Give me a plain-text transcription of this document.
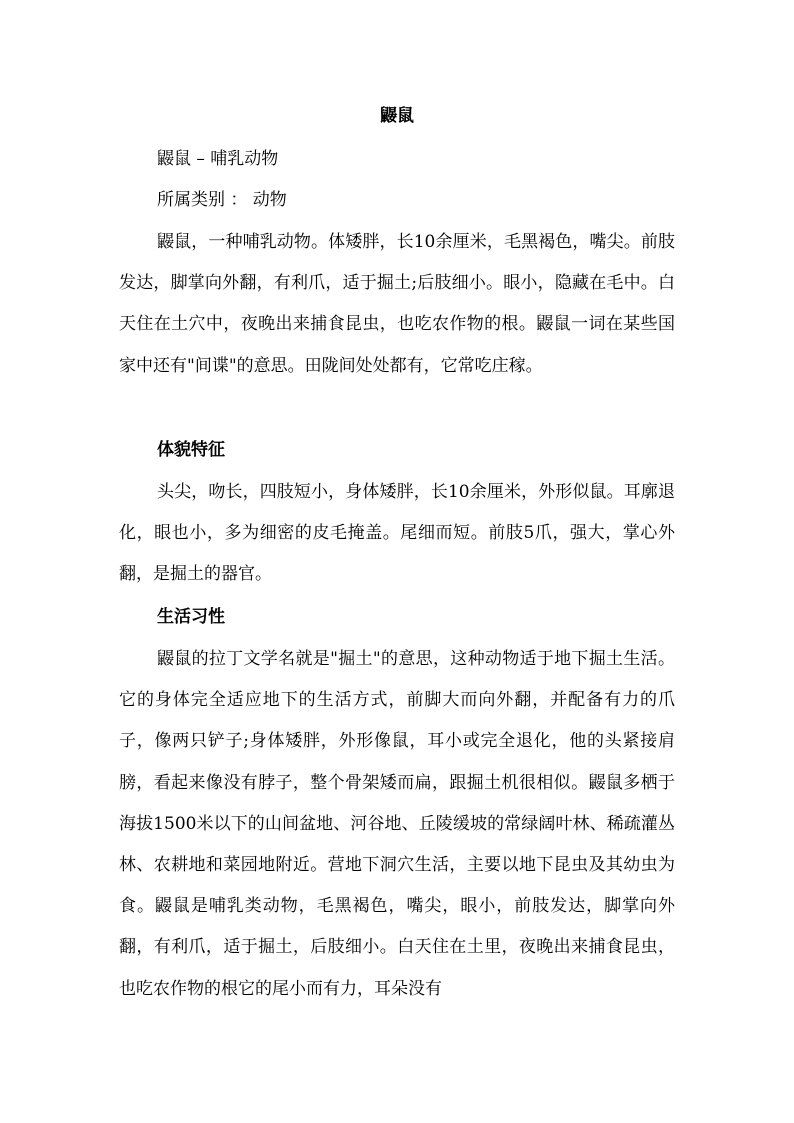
鼹鼠
鼹鼠 – 哺乳动物
所属类别 ： 动物

鼹鼠，一种哺乳动物。体矮胖，长10余厘米，毛黑褐色，嘴尖。前肢发达，脚掌向外翻，有利爪，适于掘土;后肢细小。眼小，隐藏在毛中。白天住在土穴中，夜晚出来捕食昆虫，也吃农作物的根。鼹鼠一词在某些国家中还有"间谍"的意思。田陇间处处都有，它常吃庄稼。

体貌特征

头尖，吻长，四肢短小，身体矮胖，长10余厘米，外形似鼠。耳廓退化，眼也小，多为细密的皮毛掩盖。尾细而短。前肢5爪，强大，掌心外翻，是掘土的器官。

生活习性

鼹鼠的拉丁文学名就是"掘土"的意思，这种动物适于地下掘土生活。它的身体完全适应地下的生活方式，前脚大而向外翻，并配备有力的爪子，像两只铲子;身体矮胖，外形像鼠，耳小或完全退化，他的头紧接肩膀，看起来像没有脖子，整个骨架矮而扁，跟掘土机很相似。鼹鼠多栖于海拔1500米以下的山间盆地、河谷地、丘陵缓坡的常绿阔叶林、稀疏灌丛林、农耕地和菜园地附近。营地下洞穴生活，主要以地下昆虫及其幼虫为食。鼹鼠是哺乳类动物，毛黑褐色，嘴尖，眼小，前肢发达，脚掌向外翻，有利爪，适于掘土，后肢细小。白天住在土里，夜晚出来捕食昆虫，也吃农作物的根它的尾小而有力，耳朵没有
